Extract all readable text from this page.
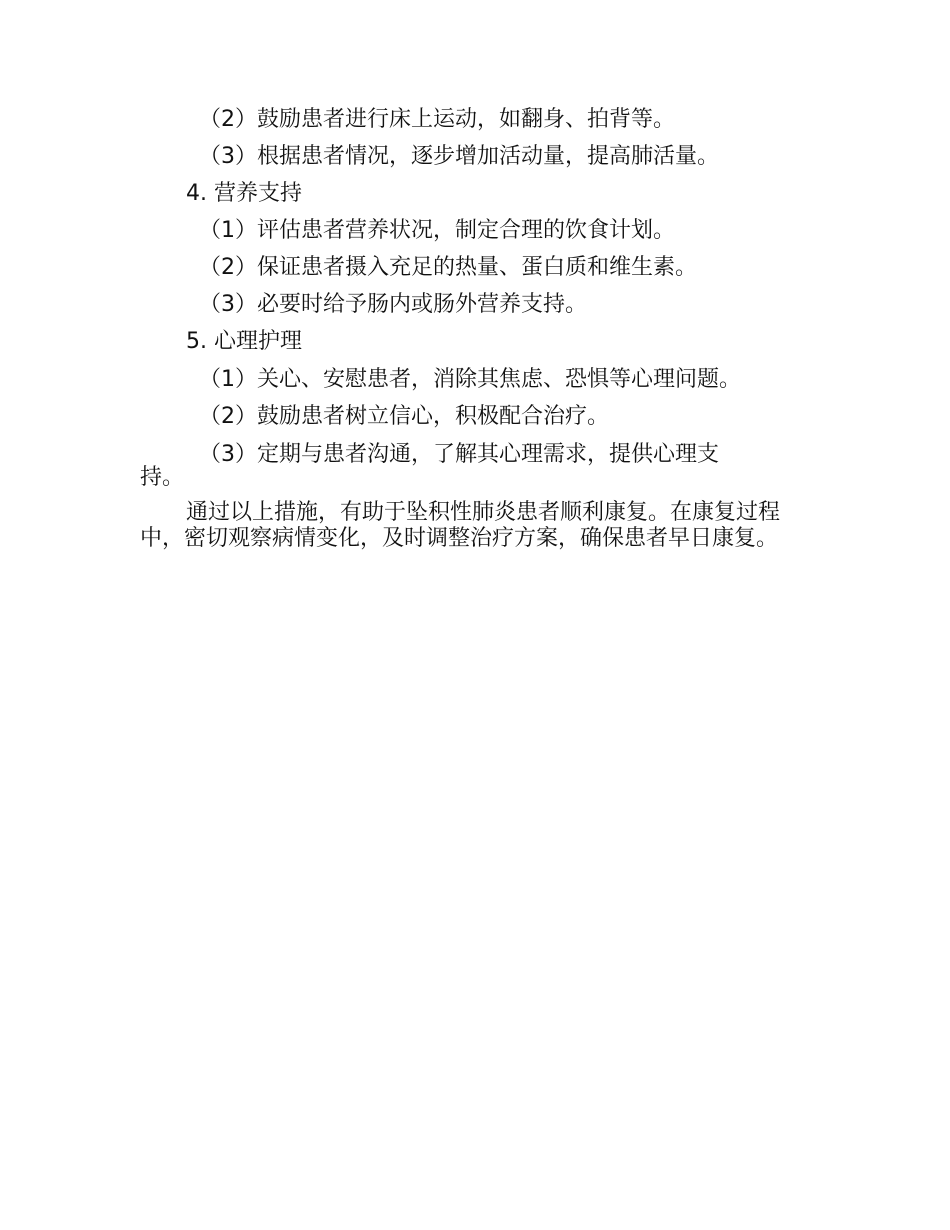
（2）鼓励患者进行床上运动，如翻身、拍背等。
（3）根据患者情况，逐步增加活动量，提高肺活量。
4. 营养支持
（1）评估患者营养状况，制定合理的饮食计划。
（2）保证患者摄入充足的热量、蛋白质和维生素。
（3）必要时给予肠内或肠外营养支持。
5. 心理护理
（1）关心、安慰患者，消除其焦虑、恐惧等心理问题。
（2）鼓励患者树立信心，积极配合治疗。
（3）定期与患者沟通，了解其心理需求，提供心理支
持。
通过以上措施，有助于坠积性肺炎患者顺利康复。在康复过程中，密切观察病情变化，及时调整治疗方案，确保患者早日康复。
